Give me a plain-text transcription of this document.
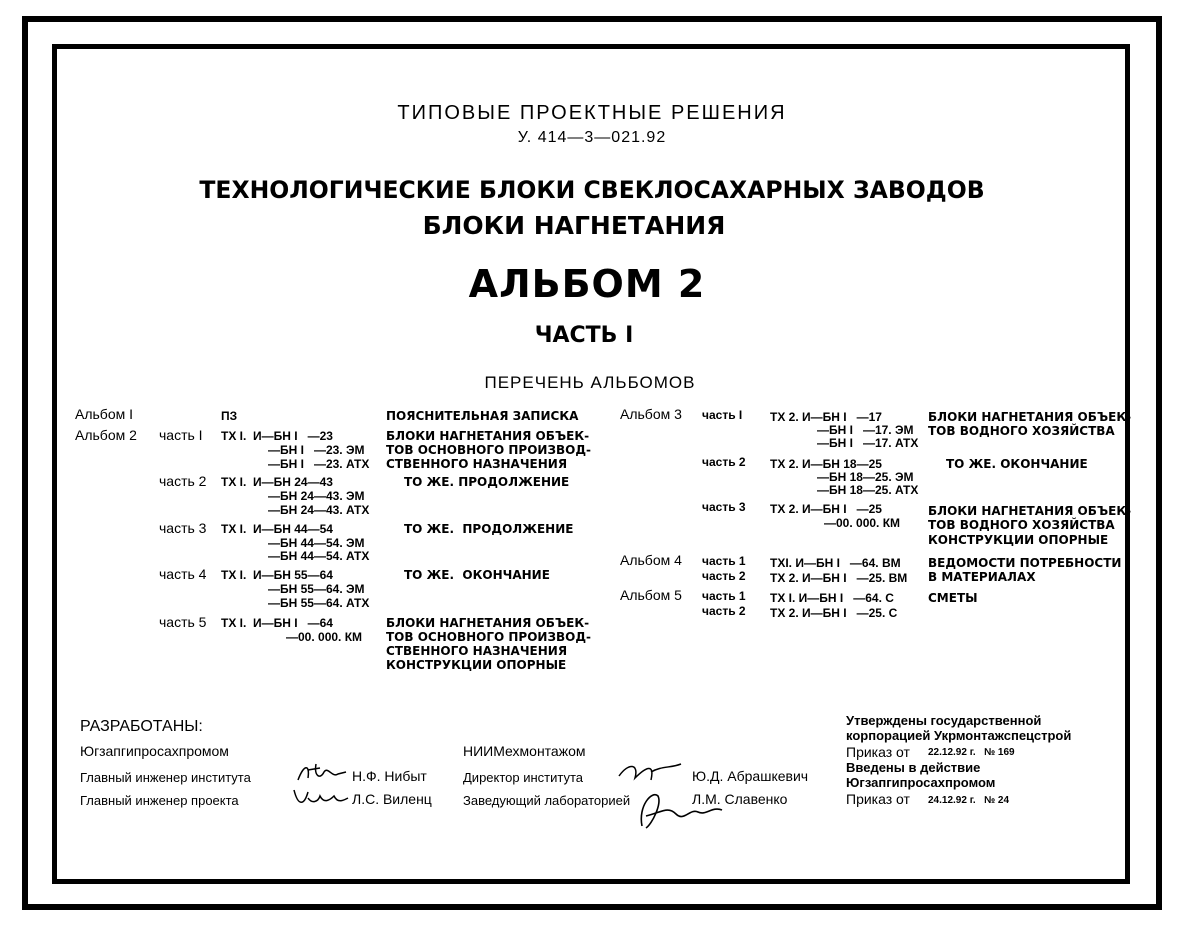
ТИПОВЫЕ ПРОЕКТНЫЕ РЕШЕНИЯ
У. 414—3—021.92
ТЕХНОЛОГИЧЕСКИЕ БЛОКИ СВЕКЛОСАХАРНЫХ ЗАВОДОВ
БЛОКИ НАГНЕТАНИЯ
АЛЬБОМ 2
ЧАСТЬ I
ПЕРЕЧЕНЬ АЛЬБОМОВ
Альбом I	ПЗ	ПОЯСНИТЕЛЬНАЯ ЗАПИСКА
Альбом 2 часть I ТХ I.  И—БН I   —23
—БН I   —23. ЭМ
—БН I   —23. АТХ
БЛОКИ НАГНЕТАНИЯ ОБЪЕК-
ТОВ ОСНОВНОГО ПРОИЗВОД-
СТВЕННОГО НАЗНАЧЕНИЯ
часть 2 ТХ I.  И—БН 24—43
—БН 24—43. ЭМ
—БН 24—43. АТХ
ТО ЖЕ. ПРОДОЛЖЕНИЕ
часть 3 ТХ I.  И—БН 44—54
—БН 44—54. ЭМ
—БН 44—54. АТХ
ТО ЖЕ.  ПРОДОЛЖЕНИЕ
часть 4 ТХ I.  И—БН 55—64
—БН 55—64. ЭМ
—БН 55—64. АТХ
ТО ЖЕ.  ОКОНЧАНИЕ
часть 5 ТХ I.  И—БН I   —64
—00. 000. КМ
БЛОКИ НАГНЕТАНИЯ ОБЪЕК-
ТОВ ОСНОВНОГО ПРОИЗВОД-
СТВЕННОГО НАЗНАЧЕНИЯ
КОНСТРУКЦИИ ОПОРНЫЕ
Альбом 3 часть I ТХ 2. И—БН I   —17
—БН I   —17. ЭМ
—БН I   —17. АТХ
БЛОКИ НАГНЕТАНИЯ ОБЪЕК-
ТОВ ВОДНОГО ХОЗЯЙСТВА
часть 2 ТХ 2. И—БН 18—25
—БН 18—25. ЭМ
—БН 18—25. АТХ
ТО ЖЕ. ОКОНЧАНИЕ
часть 3 ТХ 2. И—БН I   —25
—00. 000. КМ
БЛОКИ НАГНЕТАНИЯ ОБЪЕК-
ТОВ ВОДНОГО ХОЗЯЙСТВА
КОНСТРУКЦИИ ОПОРНЫЕ
Альбом 4 часть 1 ТХI. И—БН I   —64. ВМ
часть 2 ТХ 2. И—БН I   —25. ВМ
ВЕДОМОСТИ ПОТРЕБНОСТИ
В МАТЕРИАЛАХ
Альбом 5 часть 1 ТХ I. И—БН I   —64. С
часть 2 ТХ 2. И—БН I   —25. С
СМЕТЫ
РАЗРАБОТАНЫ:
Югзапгипросахпромом
Главный инженер института	Н.Ф. Нибыт
Главный инженер проекта	Л.С. Виленц
НИИМехмонтажом
Директор института	Ю.Д. Абрашкевич
Заведующий лабораторией	Л.М. Славенко
Утверждены государственной
корпорацией Укрмонтажспецстрой
Приказ от 22.12.92 г.   № 169
Введены в действие
Югзапгипросахпромом
Приказ от 24.12.92 г.   № 24
